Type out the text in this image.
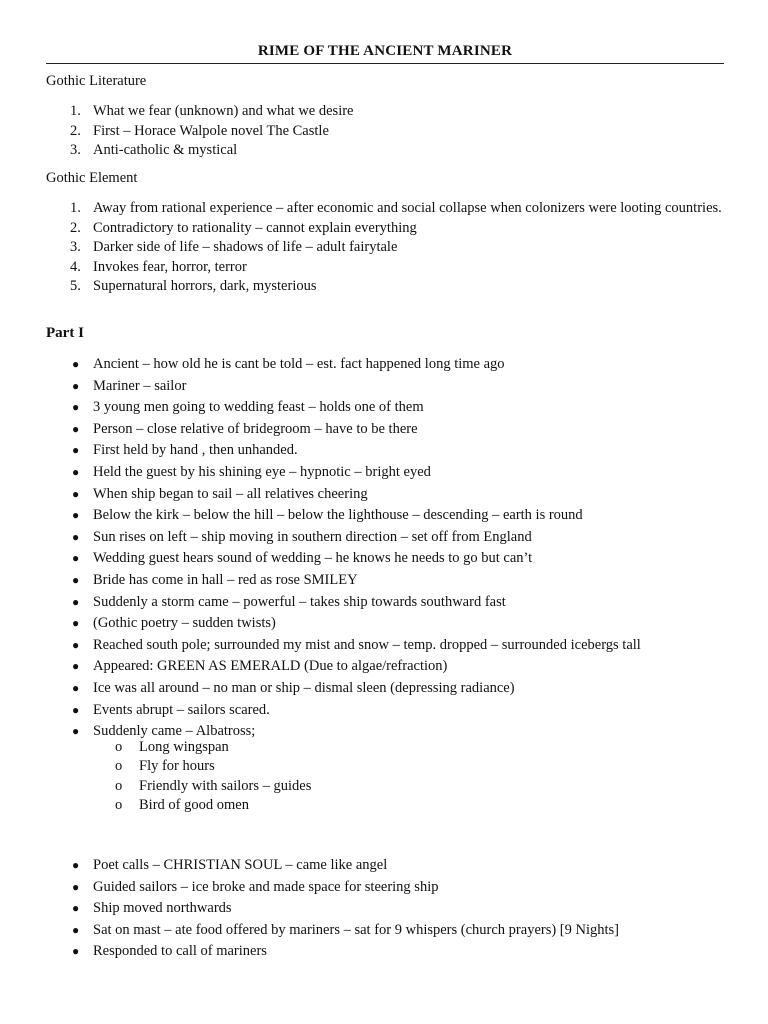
RIME OF THE ANCIENT MARINER
Gothic Literature
1. What we fear (unknown) and what we desire
2. First – Horace Walpole novel The Castle
3. Anti-catholic & mystical
Gothic Element
1. Away from rational experience – after economic and social collapse when colonizers were looting countries.
2. Contradictory to rationality – cannot explain everything
3. Darker side of life – shadows of life – adult fairytale
4. Invokes fear, horror, terror
5. Supernatural horrors, dark, mysterious
Part I
● Ancient – how old he is cant be told – est. fact happened long time ago
● Mariner – sailor
● 3 young men going to wedding feast – holds one of them
● Person – close relative of bridegroom – have to be there
● First held by hand , then unhanded.
● Held the guest by his shining eye – hypnotic – bright eyed
● When ship began to sail – all relatives cheering
● Below the kirk – below the hill – below the lighthouse – descending – earth is round
● Sun rises on left – ship moving in southern direction – set off from England
● Wedding guest hears sound of wedding – he knows he needs to go but can’t
● Bride has come in hall – red as rose SMILEY
● Suddenly a storm came – powerful – takes ship towards southward fast
● (Gothic poetry – sudden twists)
● Reached south pole; surrounded my mist and snow – temp. dropped – surrounded icebergs tall
● Appeared: GREEN AS EMERALD (Due to algae/refraction)
● Ice was all around – no man or ship – dismal sleen (depressing radiance)
● Events abrupt – sailors scared.
● Suddenly came – Albatross;
o Long wingspan
o Fly for hours
o Friendly with sailors – guides
o Bird of good omen
● Poet calls – CHRISTIAN SOUL – came like angel
● Guided sailors – ice broke and made space for steering ship
● Ship moved northwards
● Sat on mast – ate food offered by mariners – sat for 9 whispers (church prayers) [9 Nights]
● Responded to call of mariners
